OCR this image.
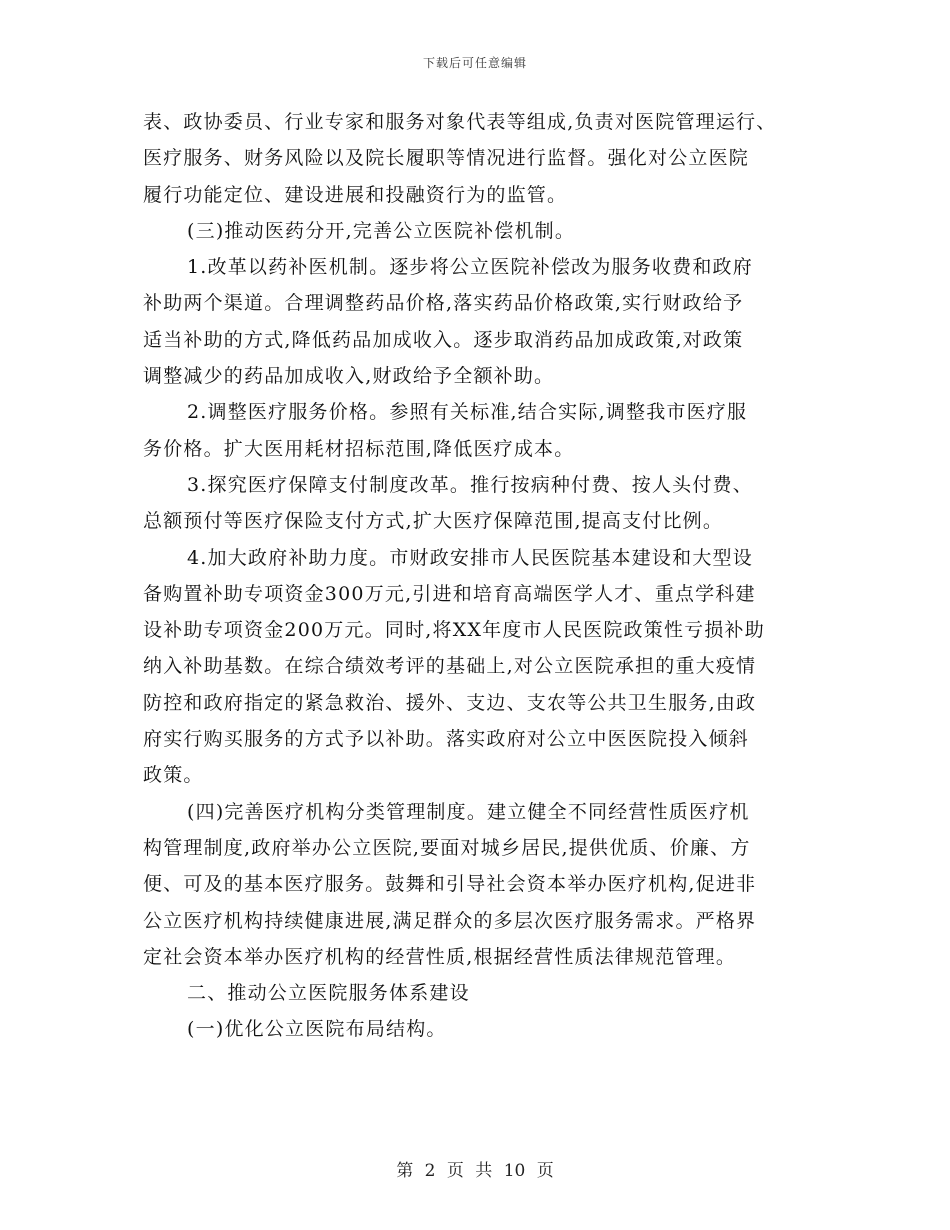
下载后可任意编辑
表、政协委员、行业专家和服务对象代表等组成,负责对医院管理运行、
医疗服务、财务风险以及院长履职等情况进行监督。强化对公立医院
履行功能定位、建设进展和投融资行为的监管。
(三)推动医药分开,完善公立医院补偿机制。
1.改革以药补医机制。逐步将公立医院补偿改为服务收费和政府
补助两个渠道。合理调整药品价格,落实药品价格政策,实行财政给予
适当补助的方式,降低药品加成收入。逐步取消药品加成政策,对政策
调整减少的药品加成收入,财政给予全额补助。
2.调整医疗服务价格。参照有关标准,结合实际,调整我市医疗服
务价格。扩大医用耗材招标范围,降低医疗成本。
3.探究医疗保障支付制度改革。推行按病种付费、按人头付费、
总额预付等医疗保险支付方式,扩大医疗保障范围,提高支付比例。
4.加大政府补助力度。市财政安排市人民医院基本建设和大型设
备购置补助专项资金300万元,引进和培育高端医学人才、重点学科建
设补助专项资金200万元。同时,将XX年度市人民医院政策性亏损补助
纳入补助基数。在综合绩效考评的基础上,对公立医院承担的重大疫情
防控和政府指定的紧急救治、援外、支边、支农等公共卫生服务,由政
府实行购买服务的方式予以补助。落实政府对公立中医医院投入倾斜
政策。
(四)完善医疗机构分类管理制度。建立健全不同经营性质医疗机
构管理制度,政府举办公立医院,要面对城乡居民,提供优质、价廉、方
便、可及的基本医疗服务。鼓舞和引导社会资本举办医疗机构,促进非
公立医疗机构持续健康进展,满足群众的多层次医疗服务需求。严格界
定社会资本举办医疗机构的经营性质,根据经营性质法律规范管理。
二、推动公立医院服务体系建设
(一)优化公立医院布局结构。
第 2 页 共 10 页
